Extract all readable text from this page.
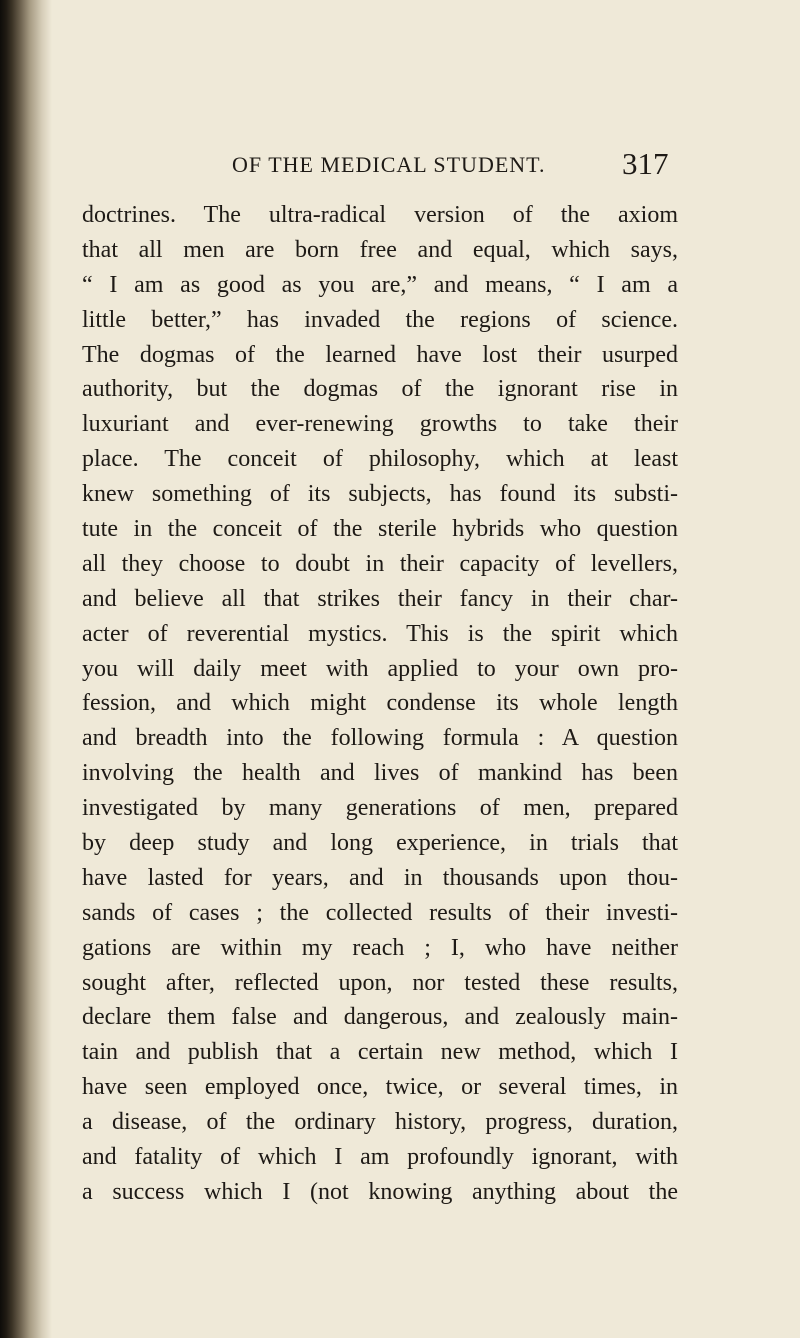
OF THE MEDICAL STUDENT. 317
doctrines. The ultra-radical version of the axiom
that all men are born free and equal, which says,
“ I am as good as you are,” and means, “ I am a
little better,” has invaded the regions of science.
The dogmas of the learned have lost their usurped
authority, but the dogmas of the ignorant rise in
luxuriant and ever-renewing growths to take their
place. The conceit of philosophy, which at least
knew something of its subjects, has found its substi-
tute in the conceit of the sterile hybrids who question
all they choose to doubt in their capacity of levellers,
and believe all that strikes their fancy in their char-
acter of reverential mystics. This is the spirit which
you will daily meet with applied to your own pro-
fession, and which might condense its whole length
and breadth into the following formula : A question
involving the health and lives of mankind has been
investigated by many generations of men, prepared
by deep study and long experience, in trials that
have lasted for years, and in thousands upon thou-
sands of cases ; the collected results of their investi-
gations are within my reach ; I, who have neither
sought after, reflected upon, nor tested these results,
declare them false and dangerous, and zealously main-
tain and publish that a certain new method, which I
have seen employed once, twice, or several times, in
a disease, of the ordinary history, progress, duration,
and fatality of which I am profoundly ignorant, with
a success which I (not knowing anything about the
